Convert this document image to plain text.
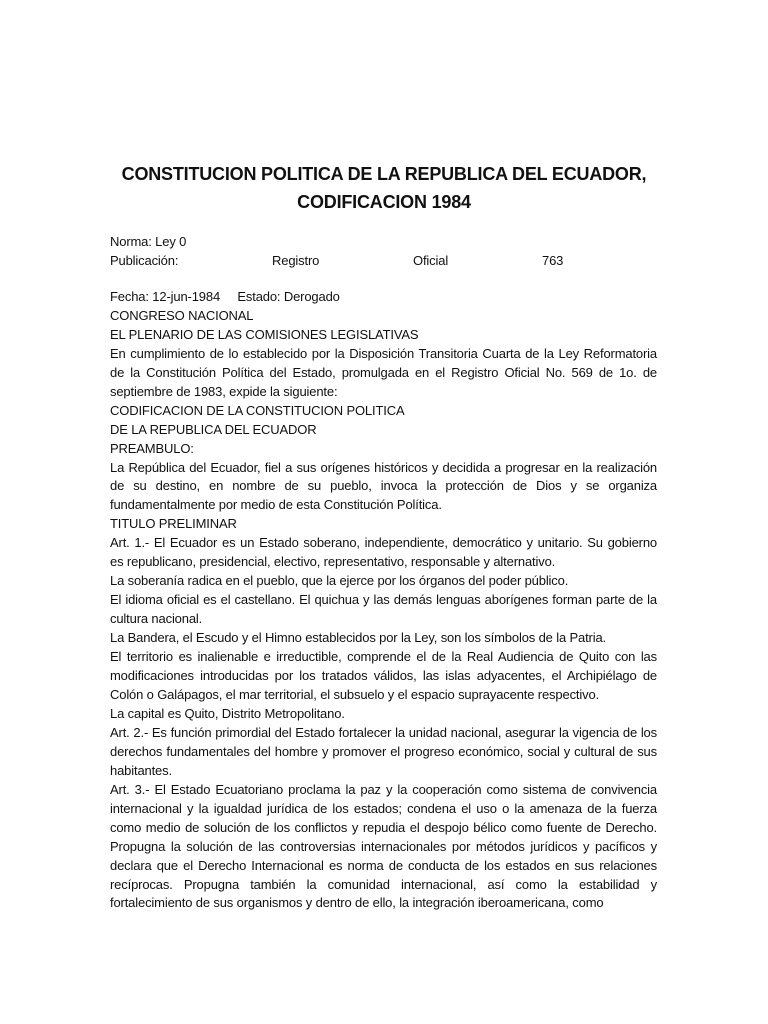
CONSTITUCION POLITICA DE LA REPUBLICA DEL ECUADOR,
CODIFICACION 1984
Norma: Ley 0
Publicación:	Registro	Oficial	763
Fecha: 12-jun-1984 Estado: Derogado
CONGRESO NACIONAL
EL PLENARIO DE LAS COMISIONES LEGISLATIVAS

En cumplimiento de lo establecido por la Disposición Transitoria Cuarta de la Ley Reformatoria de la Constitución Política del Estado, promulgada en el Registro Oficial No. 569 de 1o. de septiembre de 1983, expide la siguiente:

CODIFICACION DE LA CONSTITUCION POLITICA
DE LA REPUBLICA DEL ECUADOR
PREAMBULO:

La República del Ecuador, fiel a sus orígenes históricos y decidida a progresar en la realización de su destino, en nombre de su pueblo, invoca la protección de Dios y se organiza fundamentalmente por medio de esta Constitución Política.

TITULO PRELIMINAR

Art. 1.- El Ecuador es un Estado soberano, independiente, democrático y unitario. Su gobierno es republicano, presidencial, electivo, representativo, responsable y alternativo.

La soberanía radica en el pueblo, que la ejerce por los órganos del poder público.

El idioma oficial es el castellano. El quichua y las demás lenguas aborígenes forman parte de la cultura nacional.

La Bandera, el Escudo y el Himno establecidos por la Ley, son los símbolos de la Patria.

El territorio es inalienable e irreductible, comprende el de la Real Audiencia de Quito con las modificaciones introducidas por los tratados válidos, las islas adyacentes, el Archipiélago de Colón o Galápagos, el mar territorial, el subsuelo y el espacio suprayacente respectivo.

La capital es Quito, Distrito Metropolitano.

Art. 2.- Es función primordial del Estado fortalecer la unidad nacional, asegurar la vigencia de los derechos fundamentales del hombre y promover el progreso económico, social y cultural de sus habitantes.

Art. 3.- El Estado Ecuatoriano proclama la paz y la cooperación como sistema de convivencia internacional y la igualdad jurídica de los estados; condena el uso o la amenaza de la fuerza como medio de solución de los conflictos y repudia el despojo bélico como fuente de Derecho. Propugna la solución de las controversias internacionales por métodos jurídicos y pacíficos y declara que el Derecho Internacional es norma de conducta de los estados en sus relaciones recíprocas. Propugna también la comunidad internacional, así como la estabilidad y fortalecimiento de sus organismos y dentro de ello, la integración iberoamericana, como
